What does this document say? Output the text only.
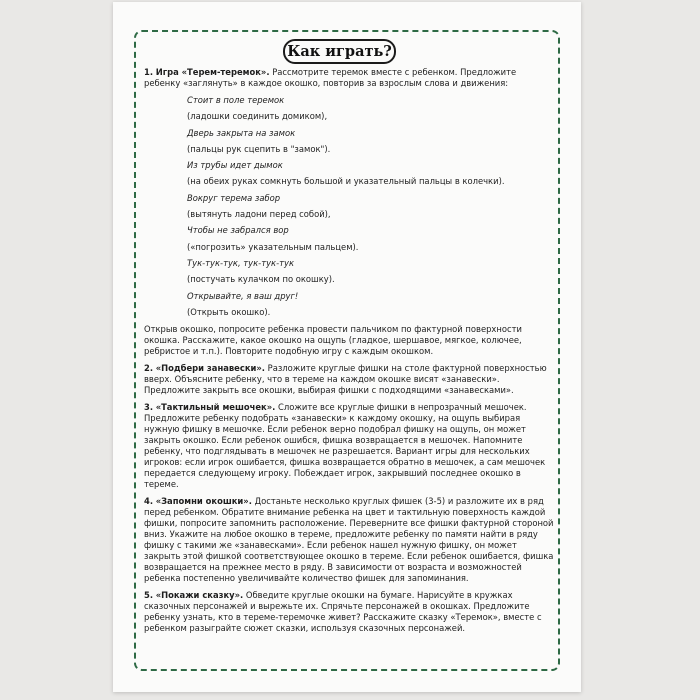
Как играть?

1. Игра «Терем-теремок». Рассмотрите теремок вместе с ребенком. Предложите ребенку «заглянуть» в каждое окошко, повторив за взрослым слова и движения:

Стоит в поле теремок
(ладошки соединить домиком),
Дверь закрыта на замок
(пальцы рук сцепить в "замок").
Из трубы идет дымок
(на обеих руках сомкнуть большой и указательный пальцы в колечки).
Вокруг терема забор
(вытянуть ладони перед собой),
Чтобы не забрался вор
(«погрозить» указательным пальцем).
Тук-тук-тук, тук-тук-тук
(постучать кулачком по окошку).
Открывайте, я ваш друг!
(Открыть окошко).

Открыв окошко, попросите ребенка провести пальчиком по фактурной поверхности окошка. Расскажите, какое окошко на ощупь (гладкое, шершавое, мягкое, колючее, ребристое и т.п.). Повторите подобную игру с каждым окошком.

2. «Подбери занавески». Разложите круглые фишки на столе фактурной поверхностью вверх. Объясните ребенку, что в тереме на каждом окошке висят «занавески». Предложите закрыть все окошки, выбирая фишки с подходящими «занавесками».

3. «Тактильный мешочек». Сложите все круглые фишки в непрозрачный мешочек. Предложите ребенку подобрать «занавески» к каждому окошку, на ощупь выбирая нужную фишку в мешочке. Если ребенок верно подобрал фишку на ощупь, он может закрыть окошко. Если ребенок ошибся, фишка возвращается в мешочек. Напомните ребенку, что подглядывать в мешочек не разрешается. Вариант игры для нескольких игроков: если игрок ошибается, фишка возвращается обратно в мешочек, а сам мешочек передается следующему игроку. Побеждает игрок, закрывший последнее окошко в тереме.

4. «Запомни окошки». Достаньте несколько круглых фишек (3-5) и разложите их в ряд перед ребенком. Обратите внимание ребенка на цвет и тактильную поверхность каждой фишки, попросите запомнить расположение. Переверните все фишки фактурной стороной вниз. Укажите на любое окошко в тереме, предложите ребенку по памяти найти в ряду фишку с такими же «занавесками». Если ребенок нашел нужную фишку, он может закрыть этой фишкой соответствующее окошко в тереме. Если ребенок ошибается, фишка возвращается на прежнее место в ряду. В зависимости от возраста и возможностей ребенка постепенно увеличивайте количество фишек для запоминания.

5. «Покажи сказку». Обведите круглые окошки на бумаге. Нарисуйте в кружках сказочных персонажей и вырежьте их. Спрячьте персонажей в окошках. Предложите ребенку узнать, кто в тереме-теремочке живет? Расскажите сказку «Теремок», вместе с ребенком разыграйте сюжет сказки, используя сказочных персонажей.
